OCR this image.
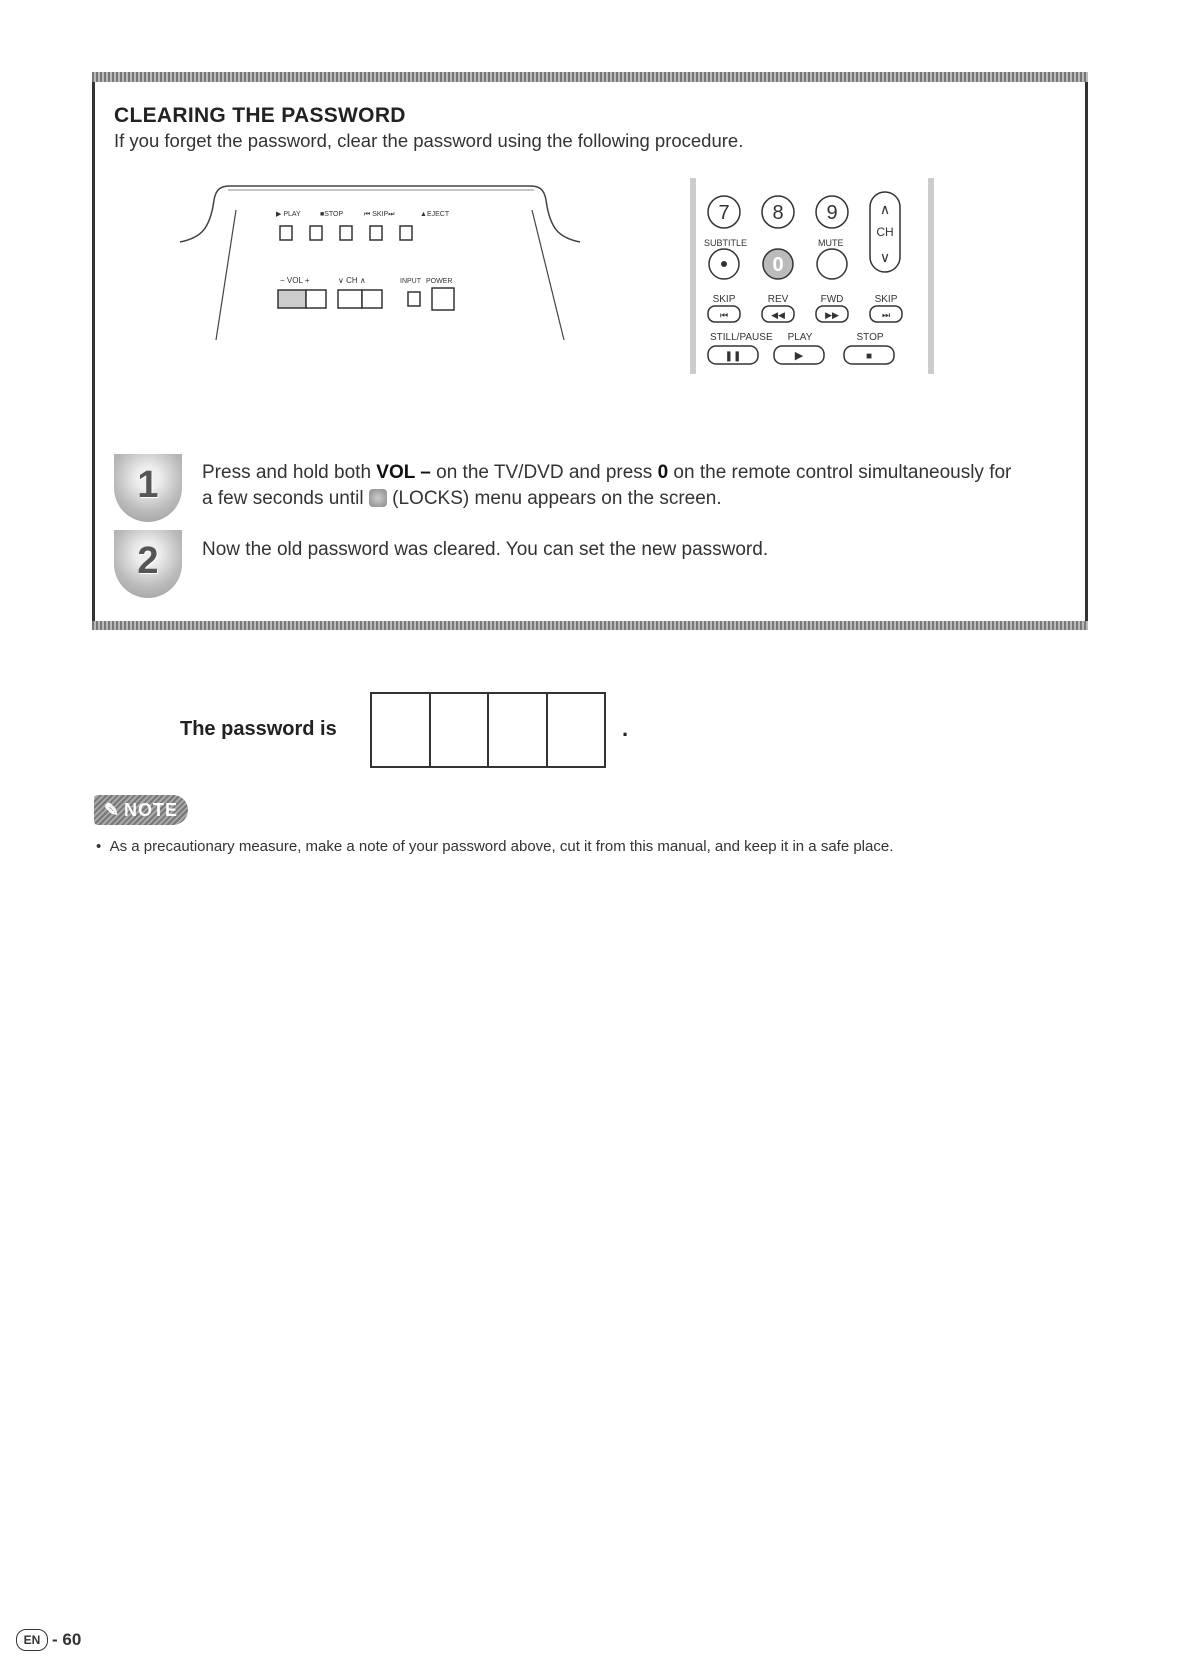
CLEARING THE PASSWORD
If you forget the password, clear the password using the following procedure.
▶ PLAY	■STOP	⏮ SKIP⏭	▲EJECT
− VOL +	∨ CH ∧	INPUT POWER
7 8 9	∧
CH
∨
SUBTITLE	MUTE
0
SKIP	REV	FWD	SKIP
⏮	◀◀	▶▶	⏭
STILL/PAUSE PLAY	STOP
❚❚	▶	■
1	Press and hold both VOL – on the TV/DVD and press 0 on the remote control simultaneously for
a few seconds until  (LOCKS) menu appears on the screen.
2	Now the old password was cleared. You can set the new password.
The password is	.
✎ NOTE
• As a precautionary measure, make a note of your password above, cut it from this manual, and keep it in a safe place.
EN - 60
